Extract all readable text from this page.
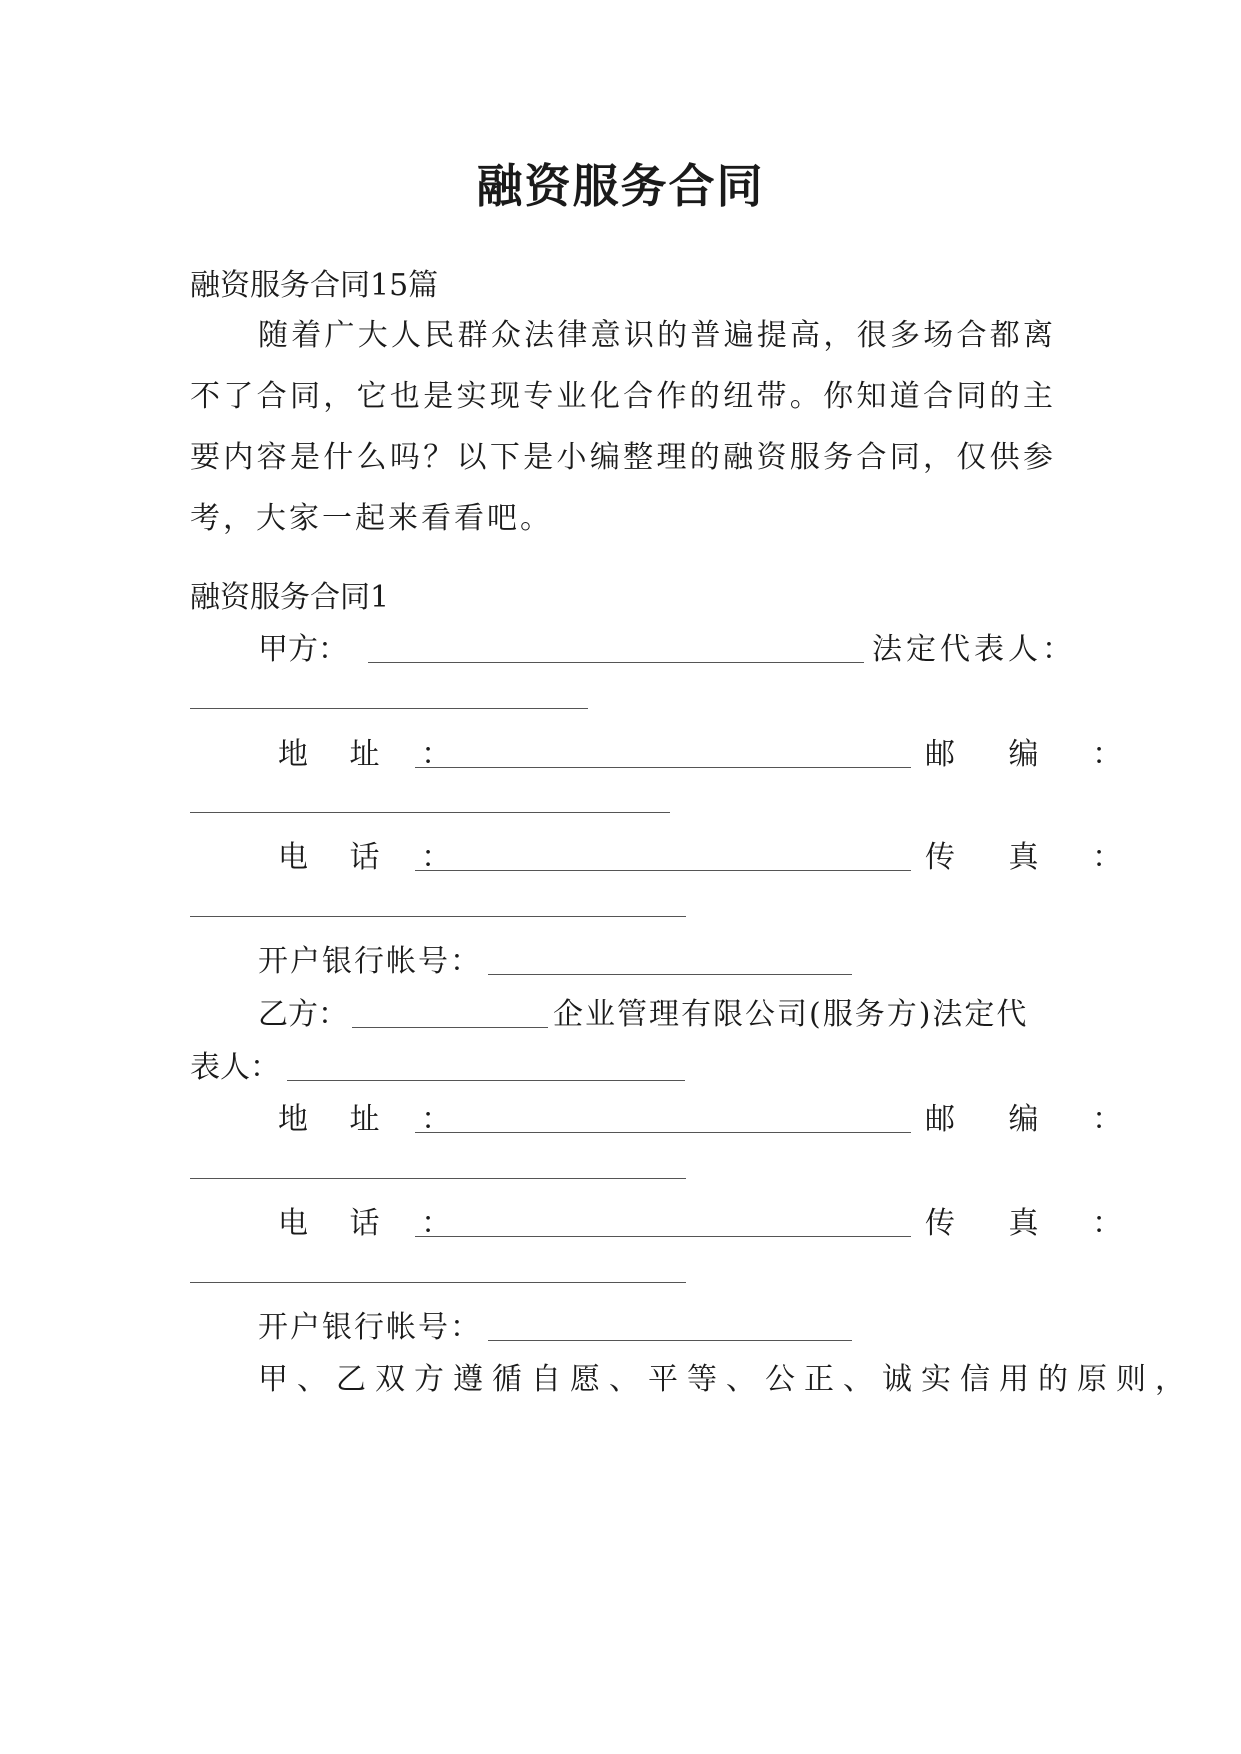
融资服务合同
融资服务合同15篇
随着广大人民群众法律意识的普遍提高，很多场合都离不了合同，它也是实现专业化合作的纽带。你知道合同的主要内容是什么吗？以下是小编整理的融资服务合同，仅供参考，大家一起来看看吧。
融资服务合同1
甲方：	法定代表人：
地 址 ：	邮 编 ：
电 话 ：	传 真 ：
开户银行帐号：
乙方：	企业管理有限公司(服务方)法定代
表人：
地 址 ：	邮 编 ：
电 话 ：	传 真 ：
开户银行帐号：
甲、乙双方遵循自愿、平等、公正、诚实信用的原则，
